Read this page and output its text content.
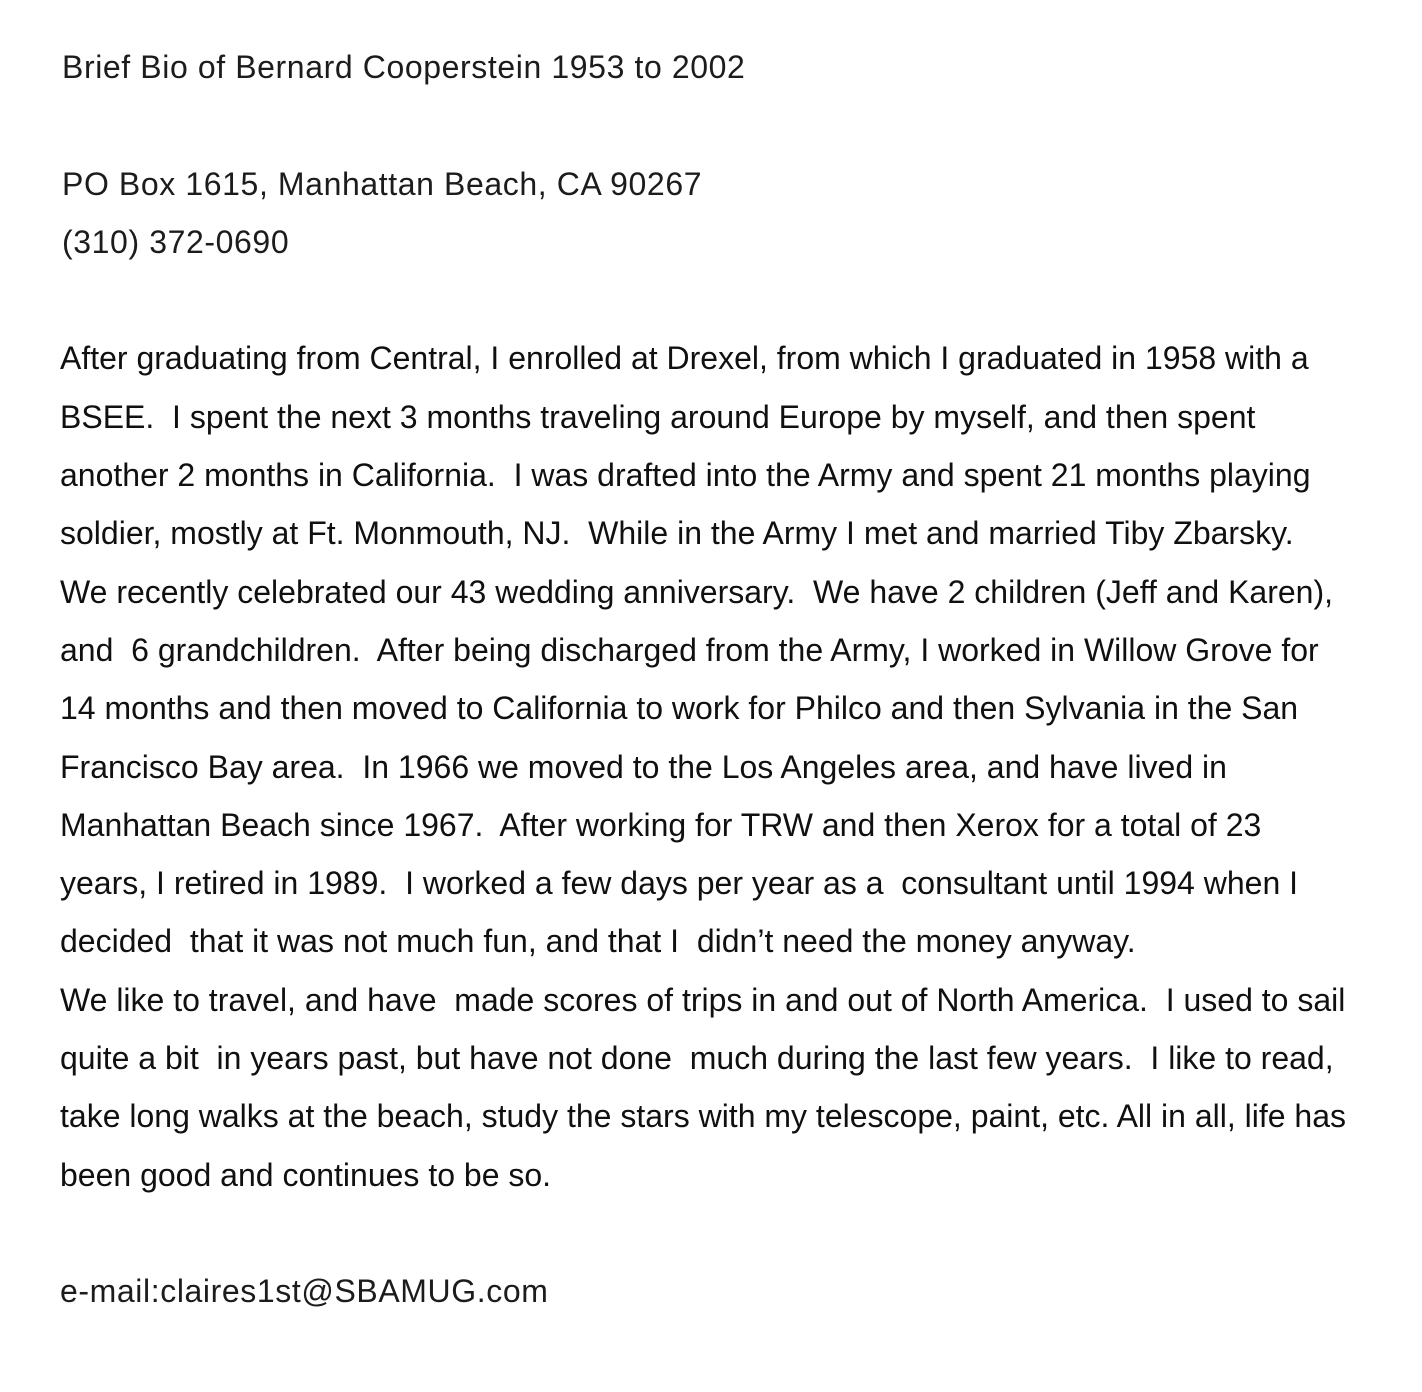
Brief Bio of Bernard Cooperstein 1953 to 2002
PO Box 1615, Manhattan Beach, CA 90267
(310) 372-0690
After graduating from Central, I enrolled at Drexel, from which I graduated in 1958 with a
BSEE.  I spent the next 3 months traveling around Europe by myself, and then spent
another 2 months in California.  I was drafted into the Army and spent 21 months playing
soldier, mostly at Ft. Monmouth, NJ.  While in the Army I met and married Tiby Zbarsky.
We recently celebrated our 43 wedding anniversary.  We have 2 children (Jeff and Karen),
and  6 grandchildren.  After being discharged from the Army, I worked in Willow Grove for
14 months and then moved to California to work for Philco and then Sylvania in the San
Francisco Bay area.  In 1966 we moved to the Los Angeles area, and have lived in
Manhattan Beach since 1967.  After working for TRW and then Xerox for a total of 23
years, I retired in 1989.  I worked a few days per year as a  consultant until 1994 when I
decided  that it was not much fun, and that I  didn’t need the money anyway.
We like to travel, and have  made scores of trips in and out of North America.  I used to sail
quite a bit  in years past, but have not done  much during the last few years.  I like to read,
take long walks at the beach, study the stars with my telescope, paint, etc. All in all, life has
been good and continues to be so.
e-mail:claires1st@SBAMUG.com
